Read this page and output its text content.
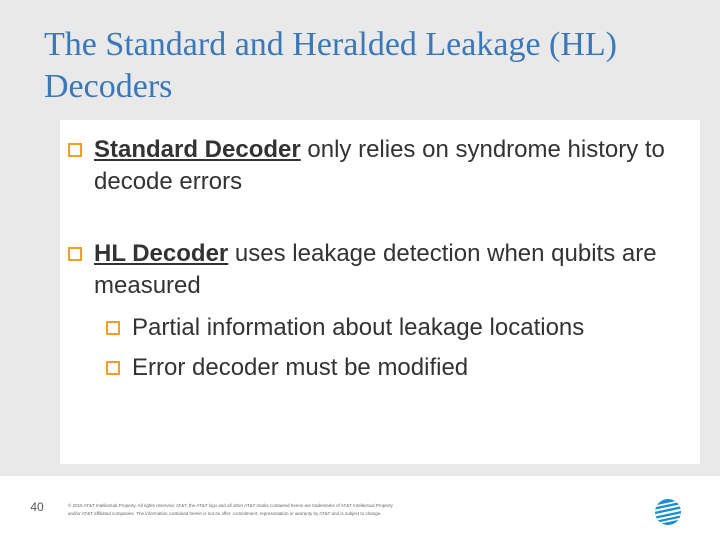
The Standard and Heralded Leakage (HL) Decoders
Standard Decoder only relies on syndrome history to decode errors
HL Decoder uses leakage detection when qubits are measured
Partial information about leakage locations
Error decoder must be modified
40	© 2015 AT&T Intellectual Property. All rights reserved. AT&T, the AT&T logo and all other AT&T marks contained herein are trademarks of AT&T Intellectual Property
and/or AT&T affiliated companies. The information contained herein is not an offer, commitment, representation or warranty by AT&T and is subject to change.
